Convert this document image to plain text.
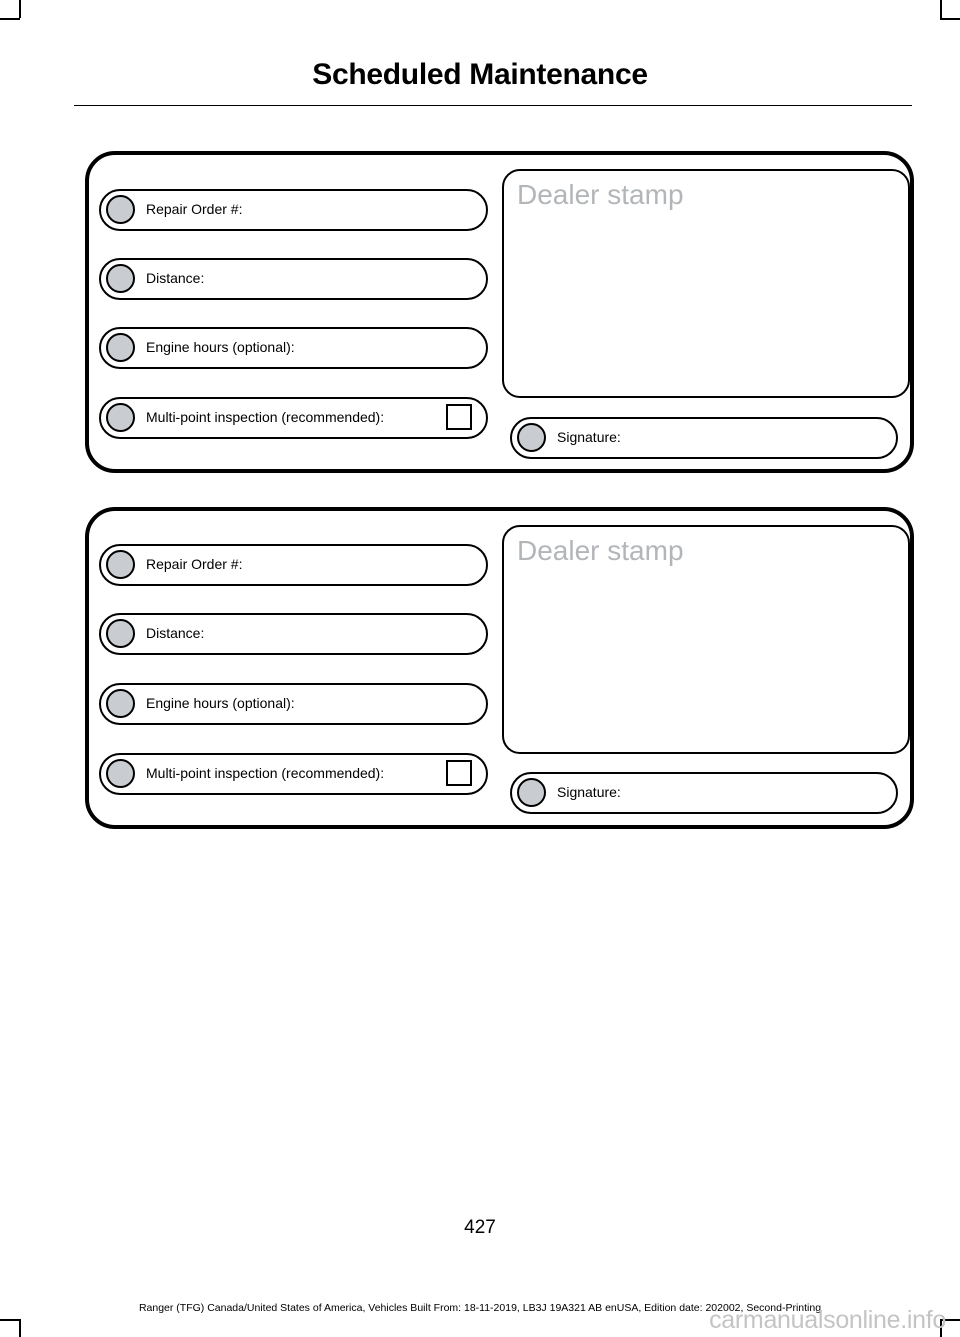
Scheduled Maintenance
Repair Order #:
Distance:
Engine hours (optional):
Multi-point inspection (recommended):
Dealer stamp
Signature:
Repair Order #:
Distance:
Engine hours (optional):
Multi-point inspection (recommended):
Dealer stamp
Signature:
427
Ranger (TFG) Canada/United States of America, Vehicles Built From: 18-11-2019, LB3J 19A321 AB enUSA, Edition date: 202002, Second-Printing
carmanualsonline.info
